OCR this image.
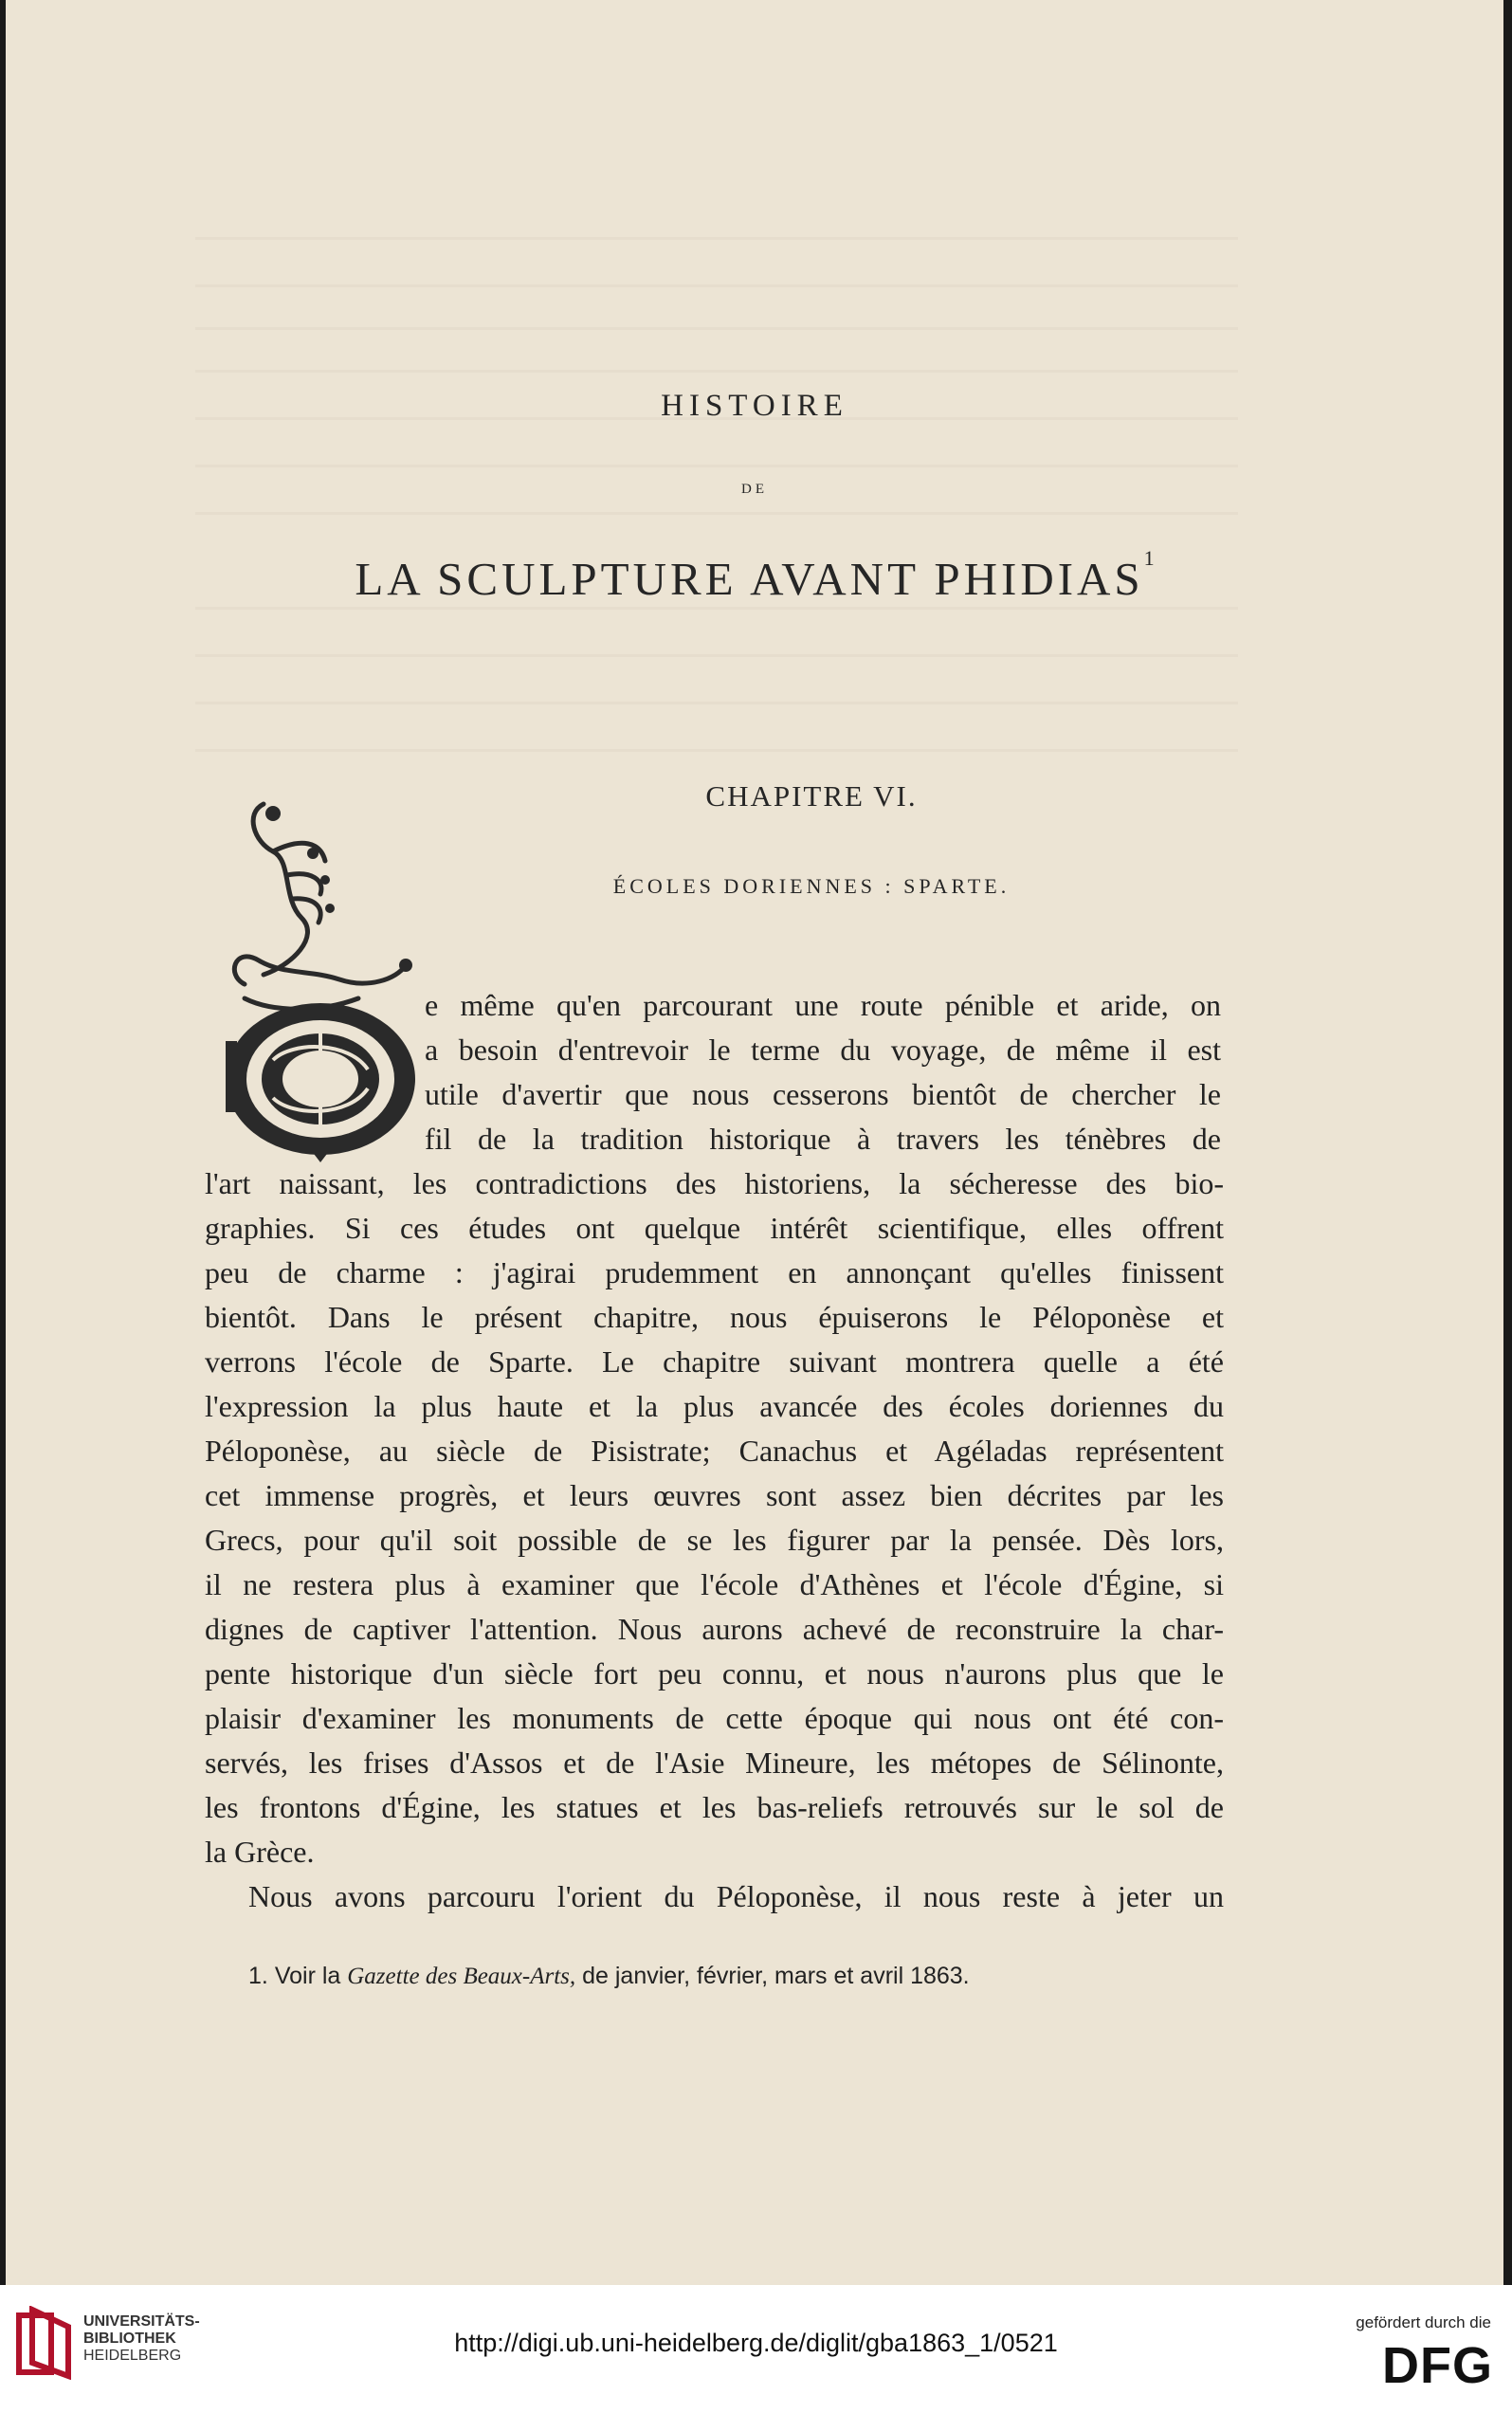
HISTOIRE
DE
LA SCULPTURE AVANT PHIDIAS$^1$
CHAPITRE VI.
ÉCOLES DORIENNES : SPARTE.

e même qu'en parcourant une route pénible et aride, on

a besoin d'entrevoir le terme du voyage, de même il est

utile d'avertir que nous cesserons bientôt de chercher le

fil de la tradition historique à travers les ténèbres de

l'art naissant, les contradictions des historiens, la sécheresse des bio-

graphies. Si ces études ont quelque intérêt scientifique, elles offrent

peu de charme : j'agirai prudemment en annonçant qu'elles finissent

bientôt. Dans le présent chapitre, nous épuiserons le Péloponèse et

verrons l'école de Sparte. Le chapitre suivant montrera quelle a été

l'expression la plus haute et la plus avancée des écoles doriennes du

Péloponèse, au siècle de Pisistrate; Canachus et Agéladas représentent

cet immense progrès, et leurs œuvres sont assez bien décrites par les

Grecs, pour qu'il soit possible de se les figurer par la pensée. Dès lors,

il ne restera plus à examiner que l'école d'Athènes et l'école d'Égine, si

dignes de captiver l'attention. Nous aurons achevé de reconstruire la char-

pente historique d'un siècle fort peu connu, et nous n'aurons plus que le

plaisir d'examiner les monuments de cette époque qui nous ont été con-

servés, les frises d'Assos et de l'Asie Mineure, les métopes de Sélinonte,

les frontons d'Égine, les statues et les bas-reliefs retrouvés sur le sol de

la Grèce.

Nous avons parcouru l'orient du Péloponèse, il nous reste à jeter un

1. Voir la Gazette des Beaux-Arts, de janvier, février, mars et avril 1863.
UNIVERSITÄTS-
BIBLIOTHEK
HEIDELBERG	http://digi.ub.uni-heidelberg.de/diglit/gba1863_1/0521
gefördert durch die
DFG
